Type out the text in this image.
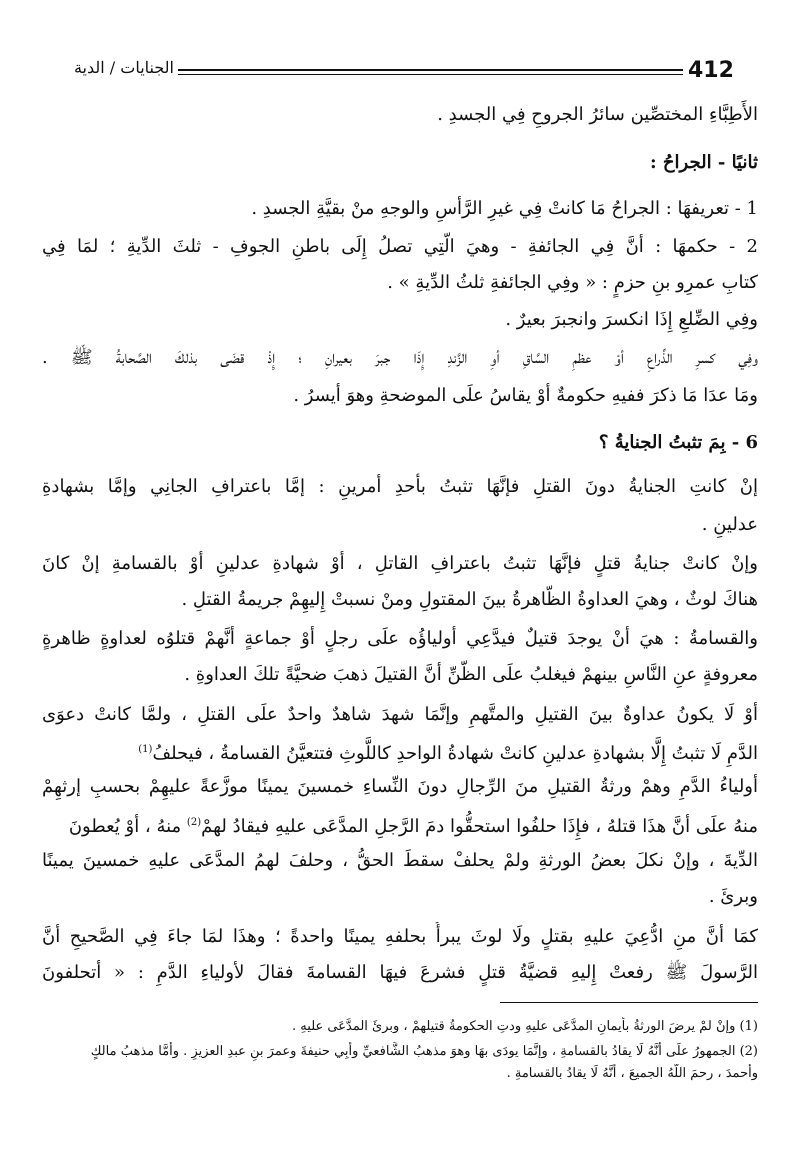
412
الجنايات / الدية
الأَطِبَّاءِ المختصِّين سائرُ الجروحِ فِي الجسدِ .
ثانيًا - الجراحُ :
1 - تعريفهَا : الجراحُ مَا كانتْ فِي غيرِ الرَّأسِ والوجهِ منْ بقيَّةِ الجسدِ .
2 - حكمهَا : أنَّ فِي الجائفةِ - وهيَ الَّتِي تصلُ إِلَى باطنِ الجوفِ - ثلثَ الدِّيةِ ؛ لمَا فِي
كتابِ عمرِو بنِ حزمٍ : « وفِي الجائفةِ ثلثُ الدِّيةِ » .
وفِي الضِّلعِ إِذَا انكسرَ وانجبرَ بعيرٌ .
وفِي كسرِ الذِّراعِ أوْ عظمِ السَّاقِ أوِ الزَّندِ إِذَا جبرَ بعيرانِ ؛ إِذْ قضَى بذلكَ الصَّحابةُ ﷺ .
ومَا عدَا مَا ذكرَ ففيهِ حكومةٌ أوْ يقاسُ علَى الموضحةِ وهوَ أيسرُ .
6 - بِمَ تثبتُ الجنايةُ ؟
إنْ كانتِ الجنايةُ دونَ القتلِ فإنَّهَا تثبتُ بأحدِ أمرينِ : إمَّا باعترافِ الجانِي وإمَّا بشهادةِ
عدلينِ .
وإنْ كانتْ جنايةُ قتلٍ فإنَّهَا تثبتُ باعترافِ القاتلِ ، أوْ شهادةِ عدلينِ أوْ بالقسامةِ إنْ كانَ
هناكَ لوثٌ ، وهيَ العداوةُ الظَّاهرةُ بينَ المقتولِ ومنْ نسبتْ إِليهِمْ جريمةُ القتلِ .
والقسامةُ : هيَ أنْ يوجدَ قتيلٌ فيدَّعِي أولياؤُه علَى رجلٍ أوْ جماعةٍ أنَّهمْ قتلوُه لعداوةٍ ظاهرةٍ
معروفةٍ عنِ النَّاسِ بينهمْ فيغلبُ علَى الظَّنِّ أنَّ القتيلَ ذهبَ ضحيَّةً تلكَ العداوةِ .
أوْ لَا يكونُ عداوةٌ بينَ القتيلِ والمتَّهمِ وإنَّمَا شهدَ شاهدٌ واحدٌ علَى القتلِ ، ولمَّا كانتْ دعوَى
الدَّمِ لَا تثبتُ إِلَّا بشهادةِ عدلينِ كانتْ شهادةُ الواحدِ كاللَّوثِ فتتعيَّنُ القسامةُ ، فيحلفُ$^{(1)}$
أولياءُ الدَّمِ وهمْ ورثةُ القتيلِ منَ الرِّجالِ دونَ النِّساءِ خمسينَ يمينًا موزَّعةً عليهِمْ بحسبِ إرثهِمْ
منهُ علَى أنَّ هذَا قتلهُ ، فإِذَا حلفُوا استحقُّوا دمَ الرَّجلِ المدَّعَى عليهِ فيقادُ لهمْ$^{(2)}$ منهُ ، أوْ يُعطونَ
الدِّيةَ ، وإنْ نكلَ بعضُ الورثةِ ولمْ يحلفْ سقطَ الحقُّ ، وحلفَ لهمُ المدَّعَى عليهِ خمسينَ يمينًا
وبرئَ .
كمَا أنَّ منِ ادُّعِيَ عليهِ بقتلٍ ولَا لوثَ يبرأُ بحلفهِ يمينًا واحدةً ؛ وهذَا لمَا جاءَ فِي الصَّحيحِ أنَّ
الرَّسولَ ﷺ رفعتْ إِليهِ قضيَّةُ قتلٍ فشرعَ فيهَا القسامةَ فقالَ لأولياءِ الدَّمِ : « أتحلفونَ
(1) وإنْ لمْ يرضَ الورثةُ بأيمانِ المدَّعَى عليهِ ودتِ الحكومةُ قتيلهمْ ، وبرئَ المدَّعَى عليهِ .
(2) الجمهورُ علَى أنَّهُ لَا يقادُ بالقسامةِ ، وإنَّمَا يودَى بهَا وهوَ مذهبُ الشَّافعيِّ وأبِي حنيفةَ وعمرَ بنِ عبدِ العزيزِ . وأمَّا مذهبُ مالكٍ
وأحمدَ ، رحمَ اللَّهُ الجميعَ ، أنَّهُ لَا يقادُ بالقسامةِ .
